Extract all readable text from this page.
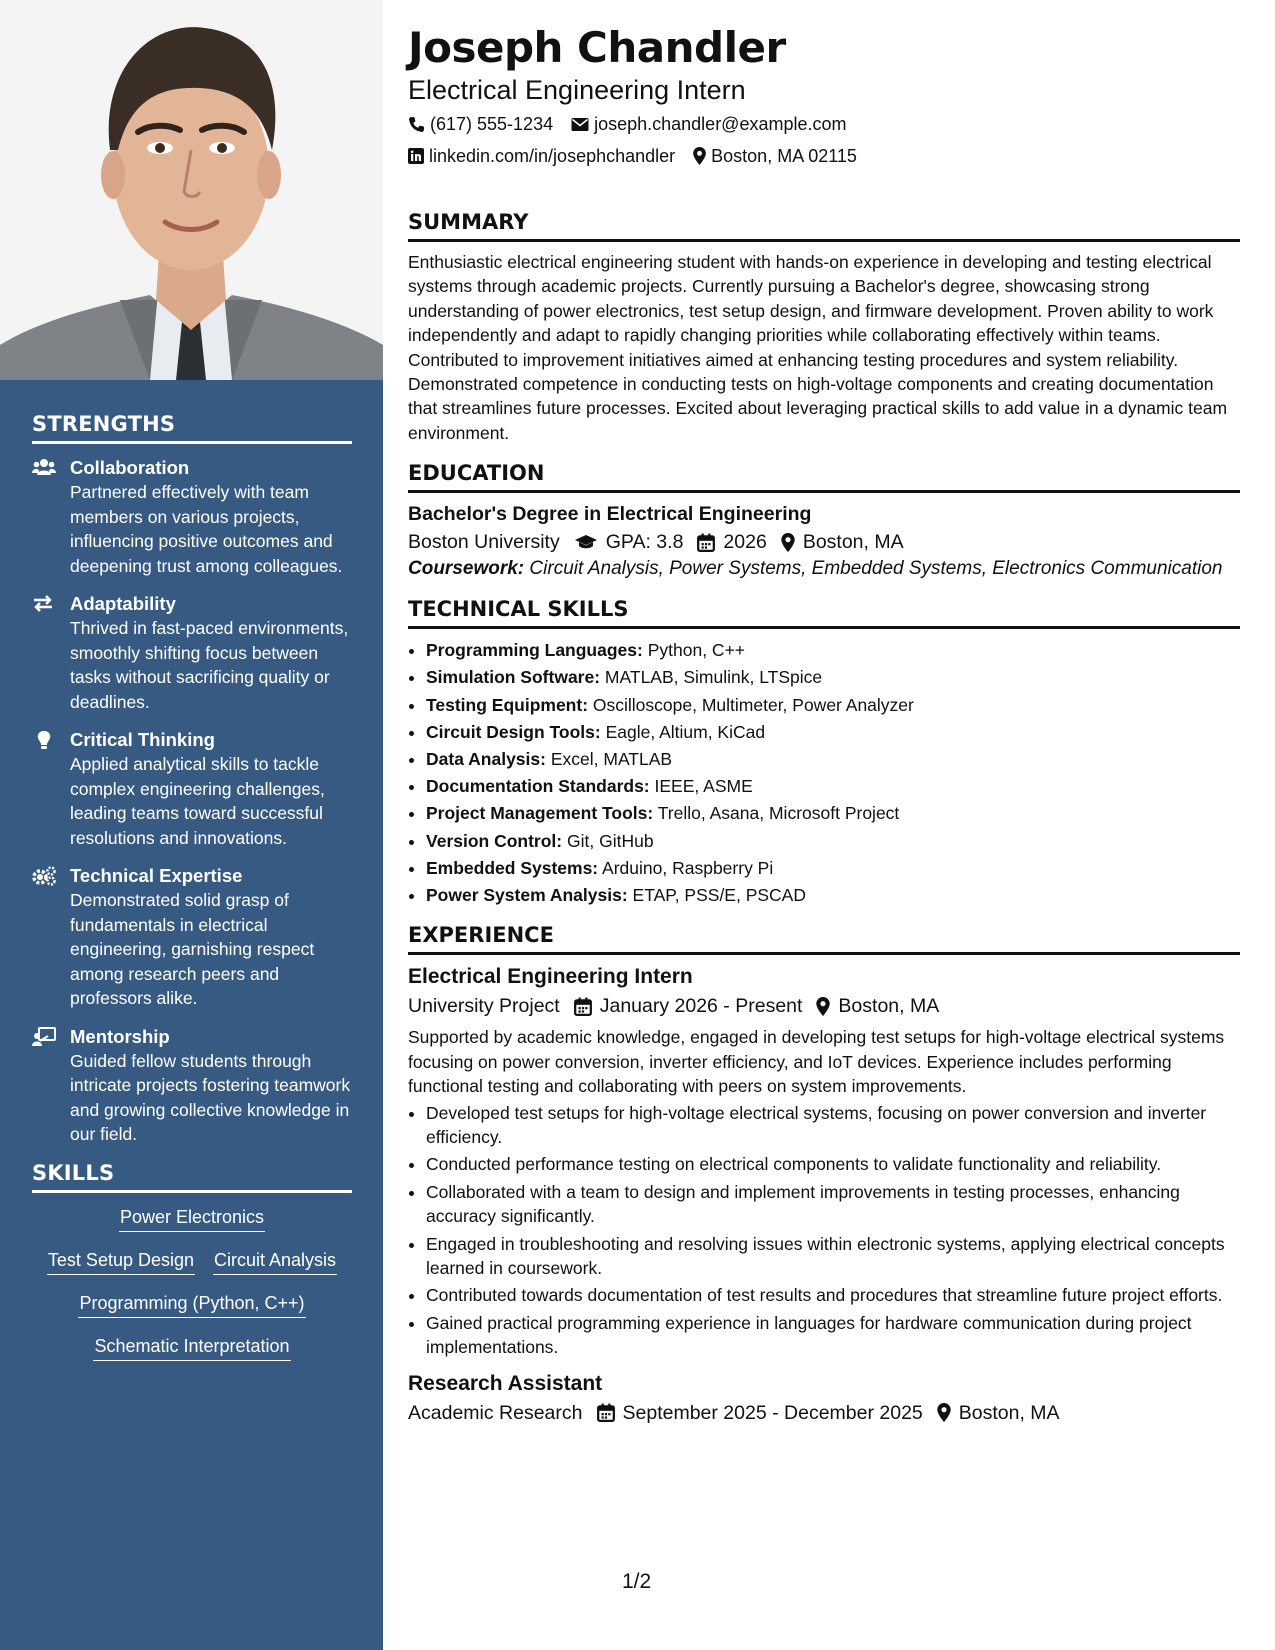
STRENGTHS
Collaboration
Partnered effectively with team members on various projects, influencing positive outcomes and deepening trust among colleagues.
Adaptability
Thrived in fast-paced environments, smoothly shifting focus between tasks without sacrificing quality or deadlines.
Critical Thinking
Applied analytical skills to tackle complex engineering challenges, leading teams toward successful resolutions and innovations.
Technical Expertise
Demonstrated solid grasp of fundamentals in electrical engineering, garnishing respect among research peers and professors alike.
Mentorship
Guided fellow students through intricate projects fostering teamwork and growing collective knowledge in our field.
SKILLS
Power Electronics
Test Setup Design Circuit Analysis
Programming (Python, C++)
Schematic Interpretation
Joseph Chandler
Electrical Engineering Intern
(617) 555-1234 joseph.chandler@example.com
linkedin.com/in/josephchandler Boston, MA 02115
SUMMARY
Enthusiastic electrical engineering student with hands-on experience in developing and testing electrical systems through academic projects. Currently pursuing a Bachelor's degree, showcasing strong understanding of power electronics, test setup design, and firmware development. Proven ability to work independently and adapt to rapidly changing priorities while collaborating effectively within teams. Contributed to improvement initiatives aimed at enhancing testing procedures and system reliability. Demonstrated competence in conducting tests on high-voltage components and creating documentation that streamlines future processes. Excited about leveraging practical skills to add value in a dynamic team environment.
EDUCATION
Bachelor's Degree in Electrical Engineering
Boston University GPA: 3.8 2026 Boston, MA
Coursework: Circuit Analysis, Power Systems, Embedded Systems, Electronics Communication
TECHNICAL SKILLS
• Programming Languages: Python, C++
• Simulation Software: MATLAB, Simulink, LTSpice
• Testing Equipment: Oscilloscope, Multimeter, Power Analyzer
• Circuit Design Tools: Eagle, Altium, KiCad
• Data Analysis: Excel, MATLAB
• Documentation Standards: IEEE, ASME
• Project Management Tools: Trello, Asana, Microsoft Project
• Version Control: Git, GitHub
• Embedded Systems: Arduino, Raspberry Pi
• Power System Analysis: ETAP, PSS/E, PSCAD
EXPERIENCE
Electrical Engineering Intern
University Project January 2026 - Present Boston, MA
Supported by academic knowledge, engaged in developing test setups for high-voltage electrical systems focusing on power conversion, inverter efficiency, and IoT devices. Experience includes performing functional testing and collaborating with peers on system improvements.
• Developed test setups for high-voltage electrical systems, focusing on power conversion and inverter efficiency.
• Conducted performance testing on electrical components to validate functionality and reliability.
• Collaborated with a team to design and implement improvements in testing processes, enhancing accuracy significantly.
• Engaged in troubleshooting and resolving issues within electronic systems, applying electrical concepts learned in coursework.
• Contributed towards documentation of test results and procedures that streamline future project efforts.
• Gained practical programming experience in languages for hardware communication during project implementations.
Research Assistant
Academic Research September 2025 - December 2025 Boston, MA
1/2
